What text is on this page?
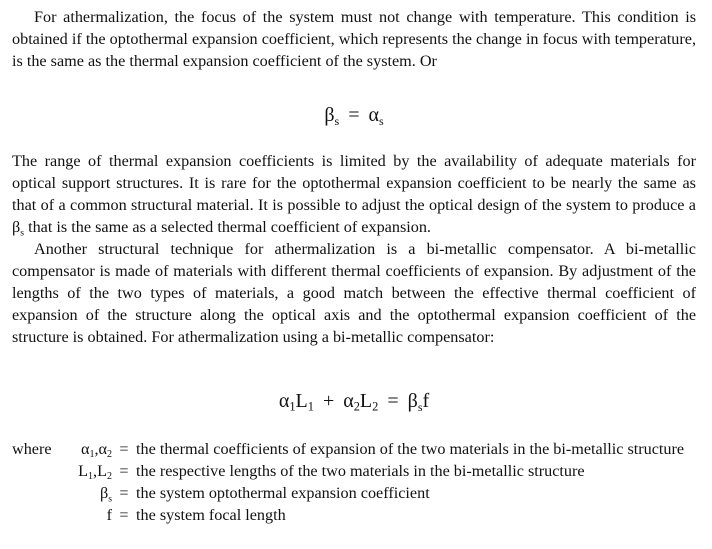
For athermalization, the focus of the system must not change with temperature. This condition is obtained if the optothermal expansion coefficient, which represents the change in focus with temperature, is the same as the thermal expansion coefficient of the system. Or

$\beta_s = \alpha_s$

The range of thermal expansion coefficients is limited by the availability of adequate materials for optical support structures. It is rare for the optothermal expansion coefficient to be nearly the same as that of a common structural material. It is possible to adjust the optical design of the system to produce a $\beta_s$ that is the same as a selected thermal coefficient of expansion.

Another structural technique for athermalization is a bi-metallic compensator. A bi-metallic compensator is made of materials with different thermal coefficients of expansion. By adjustment of the lengths of the two types of materials, a good match between the effective thermal coefficient of expansion of the structure along the optical axis and the optothermal expansion coefficient of the structure is obtained. For athermalization using a bi-metallic compensator:

$\alpha_1L_1 + \alpha_2L_2 = \beta_sf$
where	$\alpha_1,\alpha_2$ = the thermal coefficients of expansion of the two materials in the bi-metallic structure
$L_1,L_2$ = the respective lengths of the two materials in the bi-metallic structure
$\beta_s$ = the system optothermal expansion coefficient
f = the system focal length
